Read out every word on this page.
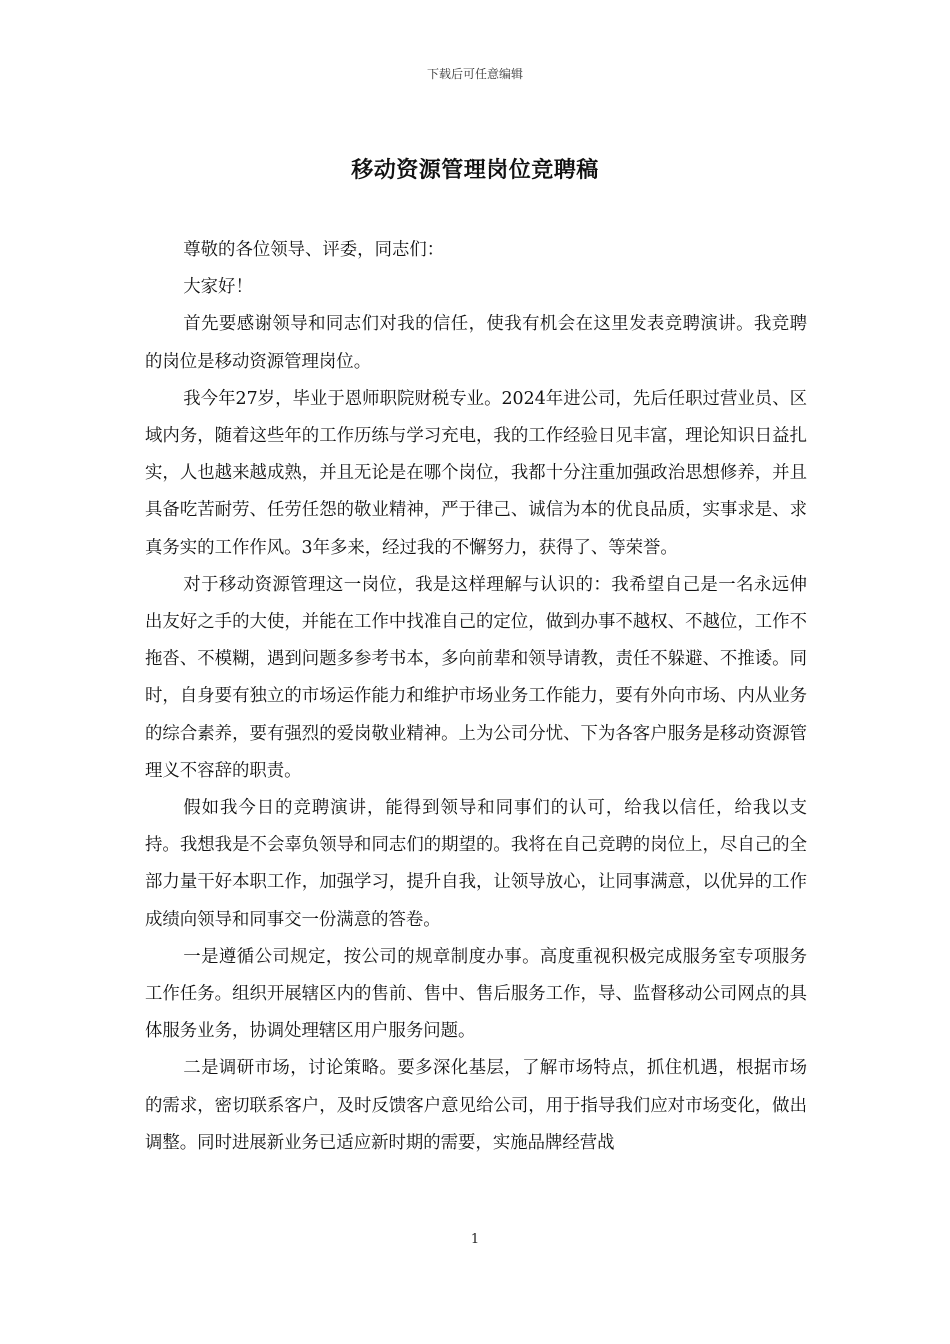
下载后可任意编辑
移动资源管理岗位竞聘稿

尊敬的各位领导、评委，同志们：

大家好！

首先要感谢领导和同志们对我的信任，使我有机会在这里发表竞聘演讲。我竞聘的岗位是移动资源管理岗位。

我今年27岁，毕业于恩师职院财税专业。2024年进公司，先后任职过营业员、区域内务，随着这些年的工作历练与学习充电，我的工作经验日见丰富，理论知识日益扎实，人也越来越成熟，并且无论是在哪个岗位，我都十分注重加强政治思想修养，并且具备吃苦耐劳、任劳任怨的敬业精神，严于律己、诚信为本的优良品质，实事求是、求真务实的工作作风。3年多来，经过我的不懈努力，获得了、等荣誉。

对于移动资源管理这一岗位，我是这样理解与认识的：我希望自己是一名永远伸出友好之手的大使，并能在工作中找准自己的定位，做到办事不越权、不越位，工作不拖沓、不模糊，遇到问题多参考书本，多向前辈和领导请教，责任不躲避、不推诿。同时，自身要有独立的市场运作能力和维护市场业务工作能力，要有外向市场、内从业务的综合素养，要有强烈的爱岗敬业精神。上为公司分忧、下为各客户服务是移动资源管理义不容辞的职责。

假如我今日的竞聘演讲，能得到领导和同事们的认可，给我以信任，给我以支持。我想我是不会辜负领导和同志们的期望的。我将在自己竞聘的岗位上，尽自己的全部力量干好本职工作，加强学习，提升自我，让领导放心，让同事满意，以优异的工作成绩向领导和同事交一份满意的答卷。

一是遵循公司规定，按公司的规章制度办事。高度重视积极完成服务室专项服务工作任务。组织开展辖区内的售前、售中、售后服务工作，导、监督移动公司网点的具体服务业务，协调处理辖区用户服务问题。

二是调研市场，讨论策略。要多深化基层，了解市场特点，抓住机遇，根据市场的需求，密切联系客户，及时反馈客户意见给公司，用于指导我们应对市场变化，做出调整。同时进展新业务已适应新时期的需要，实施品牌经营战

1
